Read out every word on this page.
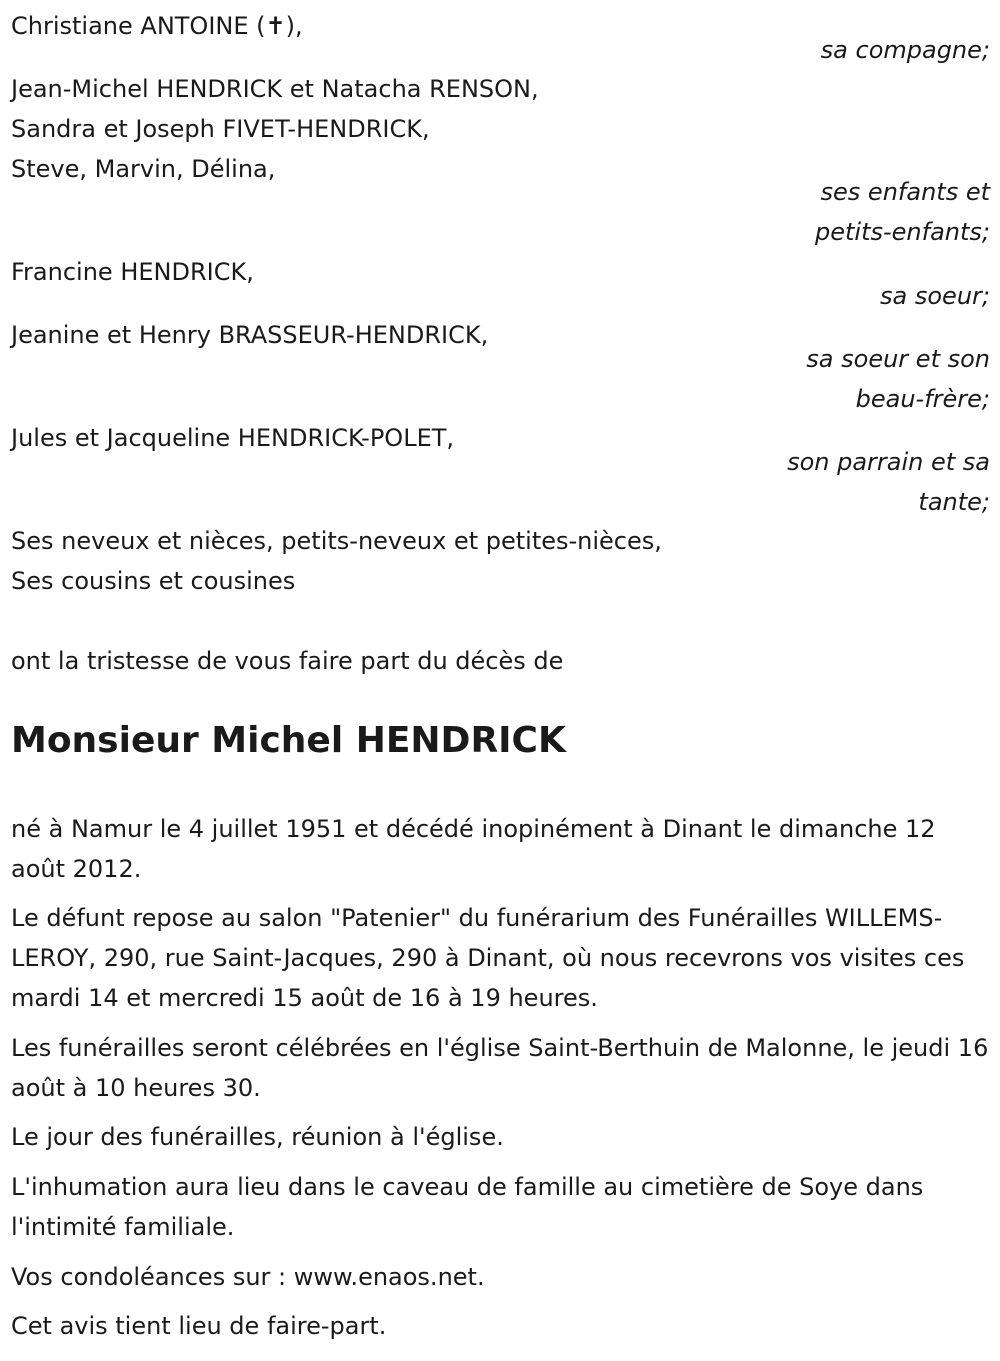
Christiane ANTOINE (✝),
sa compagne;
Jean-Michel HENDRICK et Natacha RENSON,
Sandra et Joseph FIVET-HENDRICK,
Steve, Marvin, Délina,
ses enfants et
petits-enfants;
Francine HENDRICK,
sa soeur;
Jeanine et Henry BRASSEUR-HENDRICK,
sa soeur et son
beau-frère;
Jules et Jacqueline HENDRICK-POLET,
son parrain et sa
tante;
Ses neveux et nièces, petits-neveux et petites-nièces,
Ses cousins et cousines
ont la tristesse de vous faire part du décès de
Monsieur Michel HENDRICK
né à Namur le 4 juillet 1951 et décédé inopinément à Dinant le dimanche 12 août 2012.
Le défunt repose au salon "Patenier" du funérarium des Funérailles WILLEMS-LEROY, 290, rue Saint-Jacques, 290 à Dinant, où nous recevrons vos visites ces mardi 14 et mercredi 15 août de 16 à 19 heures.
Les funérailles seront célébrées en l'église Saint-Berthuin de Malonne, le jeudi 16 août à 10 heures 30.
Le jour des funérailles, réunion à l'église.
L'inhumation aura lieu dans le caveau de famille au cimetière de Soye dans l'intimité familiale.
Vos condoléances sur : www.enaos.net.
Cet avis tient lieu de faire-part.
